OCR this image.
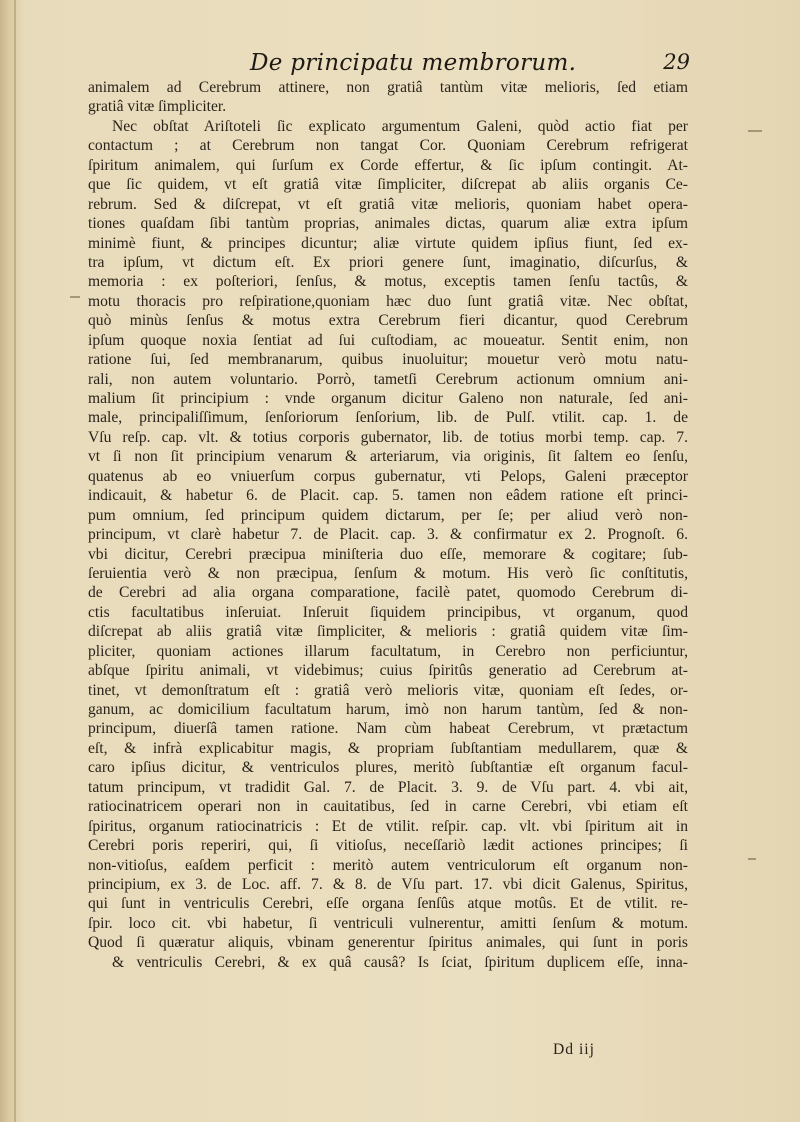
De principatu membrorum.	29
animalem ad Cerebrum attinere, non gratiâ tantùm vitæ melioris, ſed etiam
gratiâ vitæ ſimpliciter.
Nec obſtat Ariſtoteli ſic explicato argumentum Galeni, quòd actio fiat per
contactum ; at Cerebrum non tangat Cor. Quoniam Cerebrum refrigerat
ſpiritum animalem, qui ſurſum ex Corde effertur, & ſic ipſum contingit. At-
que ſic quidem, vt eſt gratiâ vitæ ſimpliciter, diſcrepat ab aliis organis Ce-
rebrum. Sed & diſcrepat, vt eſt gratiâ vitæ melioris, quoniam habet opera-
tiones quaſdam ſibi tantùm proprias, animales dictas, quarum aliæ extra ipſum
minimè fiunt, & principes dicuntur; aliæ virtute quidem ipſius fiunt, ſed ex-
tra ipſum, vt dictum eſt. Ex priori genere ſunt, imaginatio, diſcurſus, &
memoria : ex poſteriori, ſenſus, & motus, exceptis tamen ſenſu tactûs, &
motu thoracis pro reſpiratione,quoniam hæc duo ſunt gratiâ vitæ. Nec obſtat,
quò minùs ſenſus & motus extra Cerebrum fieri dicantur, quod Cerebrum
ipſum quoque noxia ſentiat ad ſui cuſtodiam, ac moueatur. Sentit enim, non
ratione ſui, ſed membranarum, quibus inuoluitur; mouetur verò motu natu-
rali, non autem voluntario. Porrò, tametſi Cerebrum actionum omnium ani-
malium ſit principium : vnde organum dicitur Galeno non naturale, ſed ani-
male, principaliſſimum, ſenſoriorum ſenſorium, lib. de Pulſ. vtilit. cap. 1. de
Vſu reſp. cap. vlt. & totius corporis gubernator, lib. de totius morbi temp. cap. 7.
vt ſi non ſit principium venarum & arteriarum, via originis, ſit ſaltem eo ſenſu,
quatenus ab eo vniuerſum corpus gubernatur, vti Pelops, Galeni præceptor
indicauit, & habetur 6. de Placit. cap. 5. tamen non eâdem ratione eſt princi-
pum omnium, ſed principum quidem dictarum, per ſe; per aliud verò non-
principum, vt clarè habetur 7. de Placit. cap. 3. & confirmatur ex 2. Prognoſt. 6.
vbi dicitur, Cerebri præcipua miniſteria duo eſſe, memorare & cogitare; ſub-
ſeruientia verò & non præcipua, ſenſum & motum. His verò ſic conſtitutis,
de Cerebri ad alia organa comparatione, facilè patet, quomodo Cerebrum di-
ctis facultatibus inſeruiat. Inſeruit ſiquidem principibus, vt organum, quod
diſcrepat ab aliis gratiâ vitæ ſimpliciter, & melioris : gratiâ quidem vitæ ſim-
pliciter, quoniam actiones illarum facultatum, in Cerebro non perficiuntur,
abſque ſpiritu animali, vt videbimus; cuius ſpiritûs generatio ad Cerebrum at-
tinet, vt demonſtratum eſt : gratiâ verò melioris vitæ, quoniam eſt ſedes, or-
ganum, ac domicilium facultatum harum, imò non harum tantùm, ſed & non-
principum, diuerſâ tamen ratione. Nam cùm habeat Cerebrum, vt prætactum
eſt, & infrà explicabitur magis, & propriam ſubſtantiam medullarem, quæ &
caro ipſius dicitur, & ventriculos plures, meritò ſubſtantiæ eſt organum facul-
tatum principum, vt tradidit Gal. 7. de Placit. 3. 9. de Vſu part. 4. vbi ait,
ratiocinatricem operari non in cauitatibus, ſed in carne Cerebri, vbi etiam eſt
ſpiritus, organum ratiocinatricis : Et de vtilit. reſpir. cap. vlt. vbi ſpiritum ait in
Cerebri poris reperiri, qui, ſi vitioſus, neceſſariò lædit actiones principes; ſi
non-vitioſus, eaſdem perficit : meritò autem ventriculorum eſt organum non-
principium, ex 3. de Loc. aff. 7. & 8. de Vſu part. 17. vbi dicit Galenus, Spiritus,
qui ſunt in ventriculis Cerebri, eſſe organa ſenſûs atque motûs. Et de vtilit. re-
ſpir. loco cit. vbi habetur, ſi ventriculi vulnerentur, amitti ſenſum & motum.
Quod ſi quæratur aliquis, vbinam generentur ſpiritus animales, qui ſunt in poris
& ventriculis Cerebri, & ex quâ causâ? Is ſciat, ſpiritum duplicem eſſe, inna-
Dd iij
